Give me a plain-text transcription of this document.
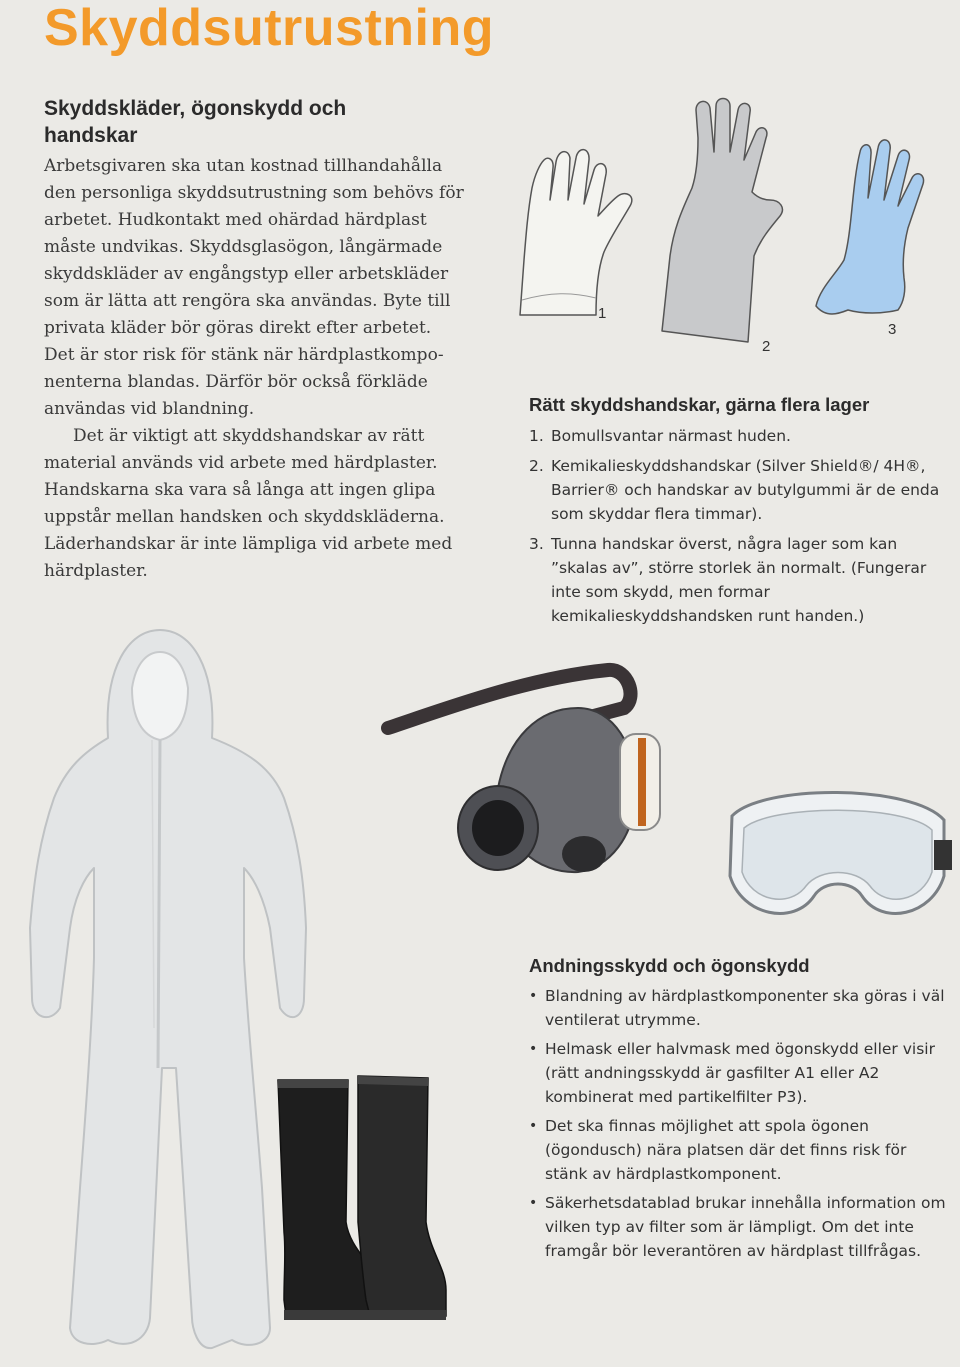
Skyddsutrustning
Skyddskläder, ögonskydd och handskar

Arbetsgivaren ska utan kostnad tillhandahålla den personliga skyddsutrustning som behövs för arbetet. Hudkontakt med ohärdad härdplast måste undvikas. Skyddsglasögon, långärmade skyddskläder av engångstyp eller arbetskläder som är lätta att rengöra ska användas. Byte till privata kläder bör göras direkt efter arbetet. Det är stor risk för stänk när härdplastkomponenterna blandas. Därför bör också förkläde användas vid blandning.

Det är viktigt att skyddshandskar av rätt material används vid arbete med härdplaster. Handskarna ska vara så långa att ingen glipa uppstår mellan handsken och skyddskläderna. Läderhandskar är inte lämpliga vid arbete med härdplaster.

1
2
3
Rätt skyddshandskar, gärna flera lager
1. Bomullsvantar närmast huden.
2. Kemikalieskyddshandskar (Silver Shield®/ 4H®, Barrier® och handskar av butylgummi är de enda som skyddar flera timmar).
3. Tunna handskar överst, några lager som kan ”skalas av”, större storlek än normalt. (Fungerar inte som skydd, men formar kemikalieskyddshandsken runt handen.)
Andningsskydd och ögonskydd
• Blandning av härdplastkomponenter ska göras i väl ventilerat utrymme.
• Helmask eller halvmask med ögonskydd eller visir (rätt andningsskydd är gasfilter A1 eller A2 kombinerat med partikelfilter P3).
• Det ska finnas möjlighet att spola ögonen (ögondusch) nära platsen där det finns risk för stänk av härdplastkomponent.
• Säkerhetsdatablad brukar innehålla information om vilken typ av filter som är lämpligt. Om det inte framgår bör leverantören av härdplast tillfrågas.
